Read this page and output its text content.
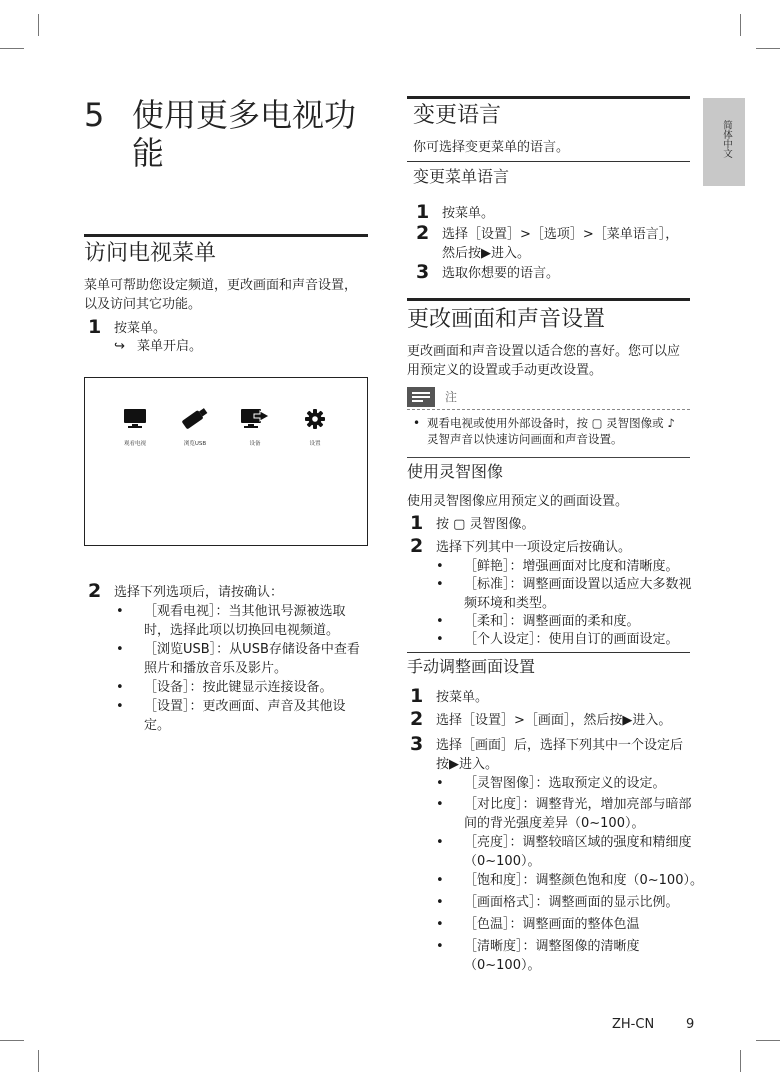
简体中文
5 使用更多电视功能
访问电视菜单
菜单可帮助您设定频道，更改画面和声音设置，以及访问其它功能。
1 按菜单。
↪ 菜单开启。
观看电视	浏览USB	设备	设置
2 选择下列选项后，请按确认：
• ［观看电视］：当其他讯号源被选取时，选择此项以切换回电视频道。
• ［浏览USB］：从USB存储设备中查看照片和播放音乐及影片。
• ［设备］：按此键显示连接设备。
• ［设置］：更改画面、声音及其他设定。
变更语言
你可选择变更菜单的语言。
变更菜单语言
1 按菜单。
2 选择［设置］>［选项］>［菜单语言］，然后按▶进入。
3 选取你想要的语言。
更改画面和声音设置
更改画面和声音设置以适合您的喜好。您可以应用预定义的设置或手动更改设置。
注
• 观看电视或使用外部设备时，按 ▢ 灵智图像或 ♪ 灵智声音以快速访问画面和声音设置。
使用灵智图像
使用灵智图像应用预定义的画面设置。
1 按 ▢ 灵智图像。
2 选择下列其中一项设定后按确认。
• ［鲜艳］：增强画面对比度和清晰度。
• ［标准］：调整画面设置以适应大多数视频环境和类型。
• ［柔和］：调整画面的柔和度。
• ［个人设定］：使用自订的画面设定。
手动调整画面设置
1 按菜单。
2 选择［设置］>［画面］，然后按▶进入。
3 选择［画面］后，选择下列其中一个设定后按▶进入。
• ［灵智图像］：选取预定义的设定。
• ［对比度］：调整背光，增加亮部与暗部间的背光强度差异（0~100）。
• ［亮度］：调整较暗区域的强度和精细度（0~100）。
• ［饱和度］：调整颜色饱和度（0~100）。
• ［画面格式］：调整画面的显示比例。
• ［色温］：调整画面的整体色温
• ［清晰度］：调整图像的清晰度（0~100）。
ZH-CN 9
